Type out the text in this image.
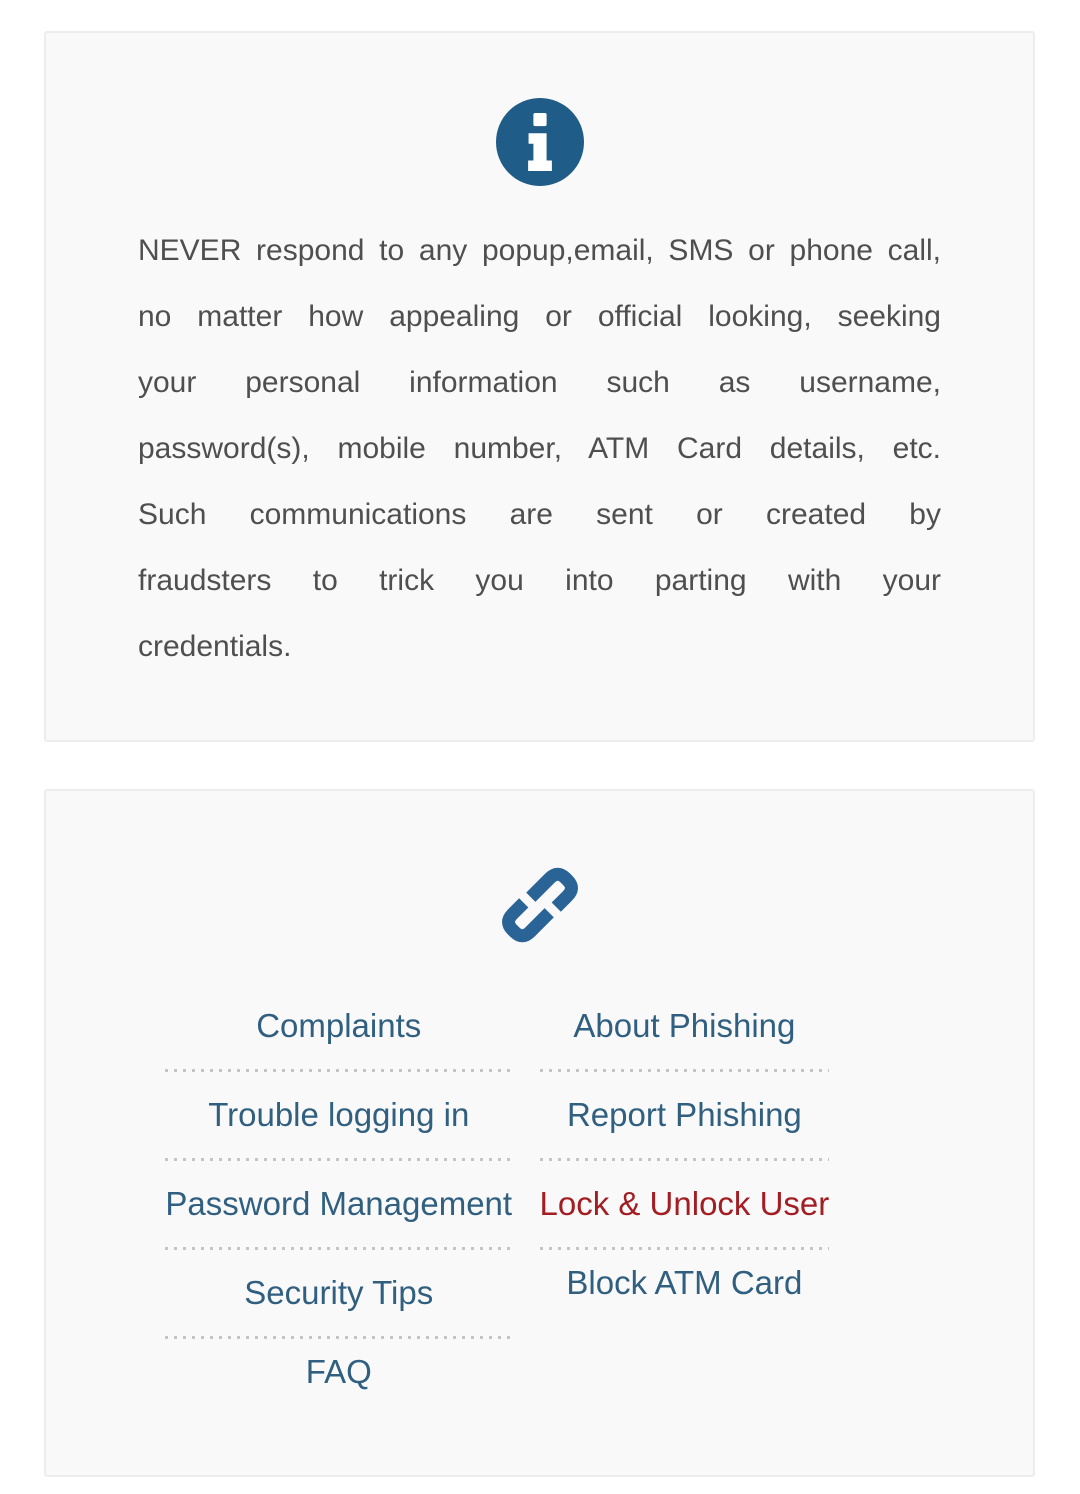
NEVER respond to any popup,email, SMS or phone call,
no matter how appealing or official looking, seeking
your personal information such as username,
password(s), mobile number, ATM Card details, etc.
Such communications are sent or created by
fraudsters to trick you into parting with your
credentials.
Complaints
Trouble logging in
Password Management
Security Tips
FAQ
About Phishing
Report Phishing
Lock & Unlock User
Block ATM Card
